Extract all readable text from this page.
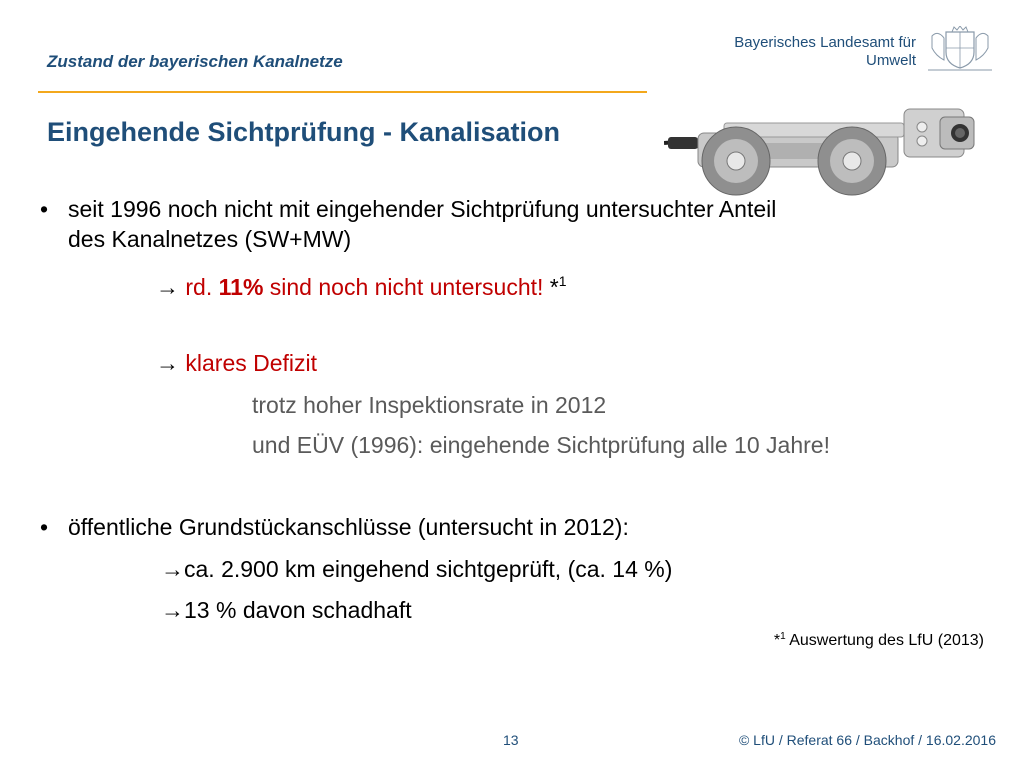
Zustand der bayerischen Kanalnetze
Bayerisches Landesamt für
Umwelt
Eingehende Sichtprüfung - Kanalisation
• seit 1996 noch nicht mit eingehender Sichtprüfung untersuchter Anteil
des Kanalnetzes (SW+MW)
→ rd. 11% sind noch nicht untersucht! *$^1$
→ klares Defizit
trotz hoher Inspektionsrate in 2012
und EÜV (1996): eingehende Sichtprüfung alle 10 Jahre!
• öffentliche Grundstückanschlüsse (untersucht in 2012):
→ca. 2.900 km eingehend sichtgeprüft, (ca. 14 %)
→13 % davon schadhaft
*$^1$ Auswertung des LfU (2013)
13	© LfU / Referat 66 / Backhof / 16.02.2016
